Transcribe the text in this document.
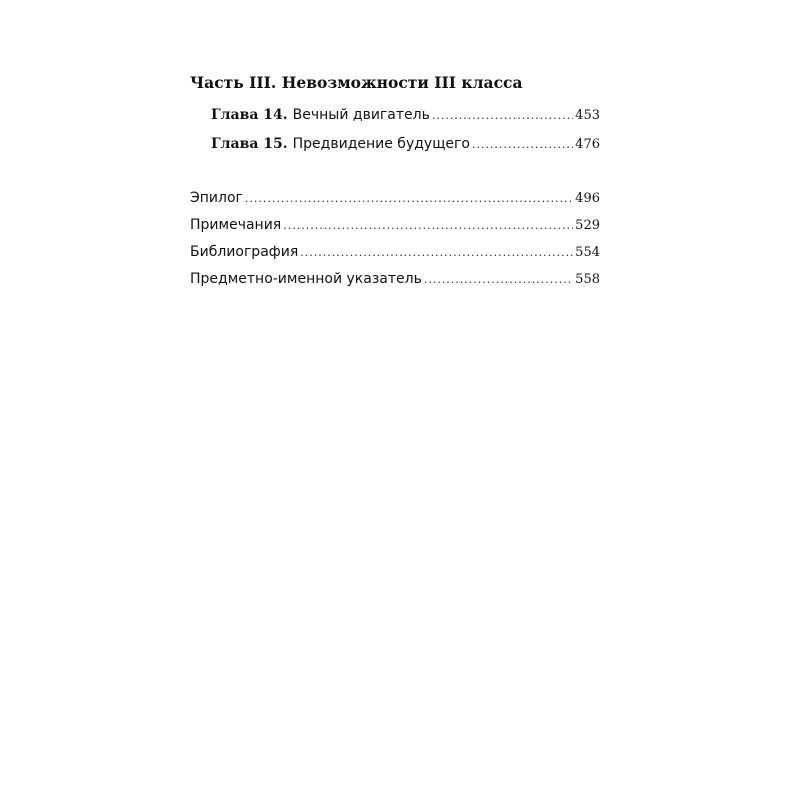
Часть III. Невозможности III класса
Глава 14. Вечный двигатель .....	453
Глава 15. Предвидение будущего .....	476
Эпилог .....	496
Примечания .....	529
Библиография .....	554
Предметно-именной указатель .....	558
